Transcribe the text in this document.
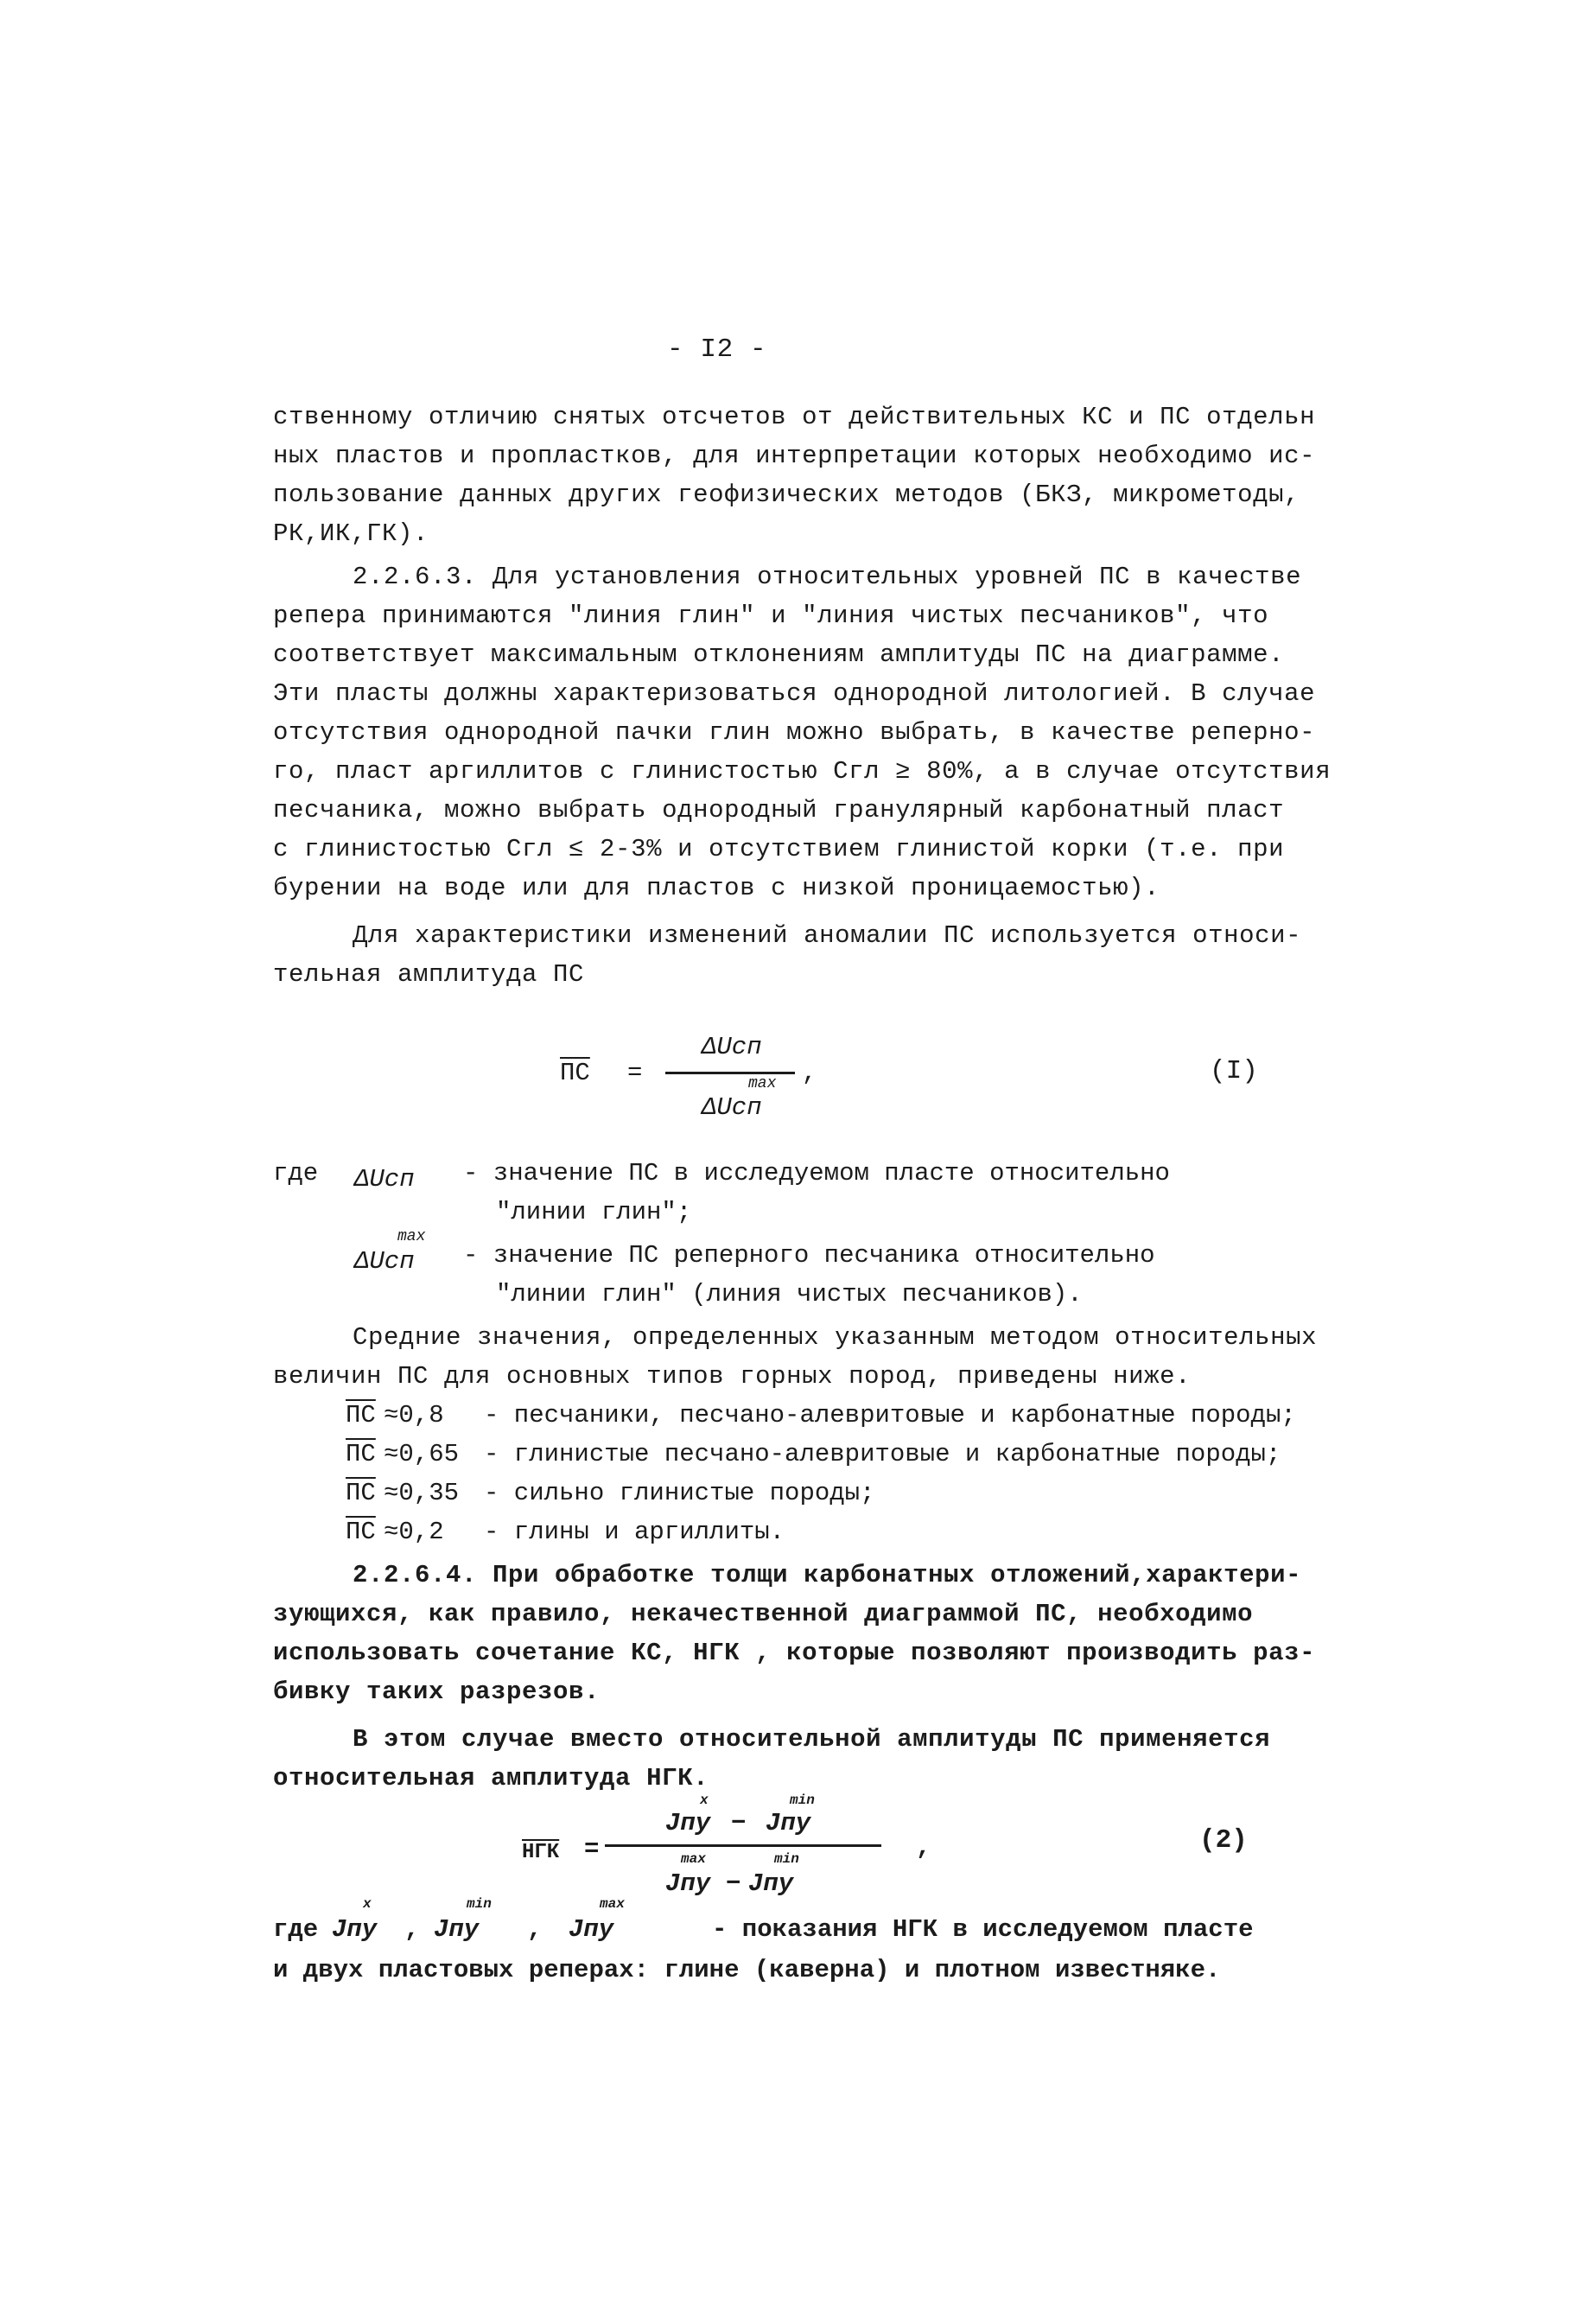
- I2 -
ственному отличию снятых отсчетов от действительных КС и ПС отдельн
ных пластов и пропластков, для интерпретации которых необходимо ис-
пользование данных других геофизических методов (БКЗ, микрометоды,
РК,ИК,ГК).
2.2.6.3. Для установления относительных уровней ПС в качестве
репера принимаются "линия глин" и "линия чистых песчаников", что
соответствует максимальным отклонениям амплитуды ПС на диаграмме.
Эти пласты должны характеризоваться однородной литологией. В случае
отсутствия однородной пачки глин можно выбрать, в качестве реперно-
го, пласт аргиллитов с глинистостью Сгл ≥ 80%, а в случае отсутствия
песчаника, можно выбрать однородный гранулярный карбонатный пласт
с глинистостью Сгл ≤ 2-3% и отсутствием глинистой корки (т.е. при
бурении на воде или для пластов с низкой проницаемостью).
Для характеристики изменений аномалии ПС используется относи-
тельная амплитуда ПС
ПС =
ΔUсп
ΔUсп
max ,	(I)
где ΔUсп - значение ПС в исследуемом пласте относительно
"линии глин";
ΔUсп
max
- значение ПС реперного песчаника относительно
"линии глин" (линия чистых песчаников).
Средние значения, определенных указанным методом относительных
величин ПС для основных типов горных пород, приведены ниже.
ПС ≈0,8 - песчаники, песчано-алевритовые и карбонатные породы;
ПС ≈0,65 - глинистые песчано-алевритовые и карбонатные породы;
ПС ≈0,35 - сильно глинистые породы;
ПС ≈0,2 - глины и аргиллиты.
2.2.6.4. При обработке толщи карбонатных отложений,характери-
зующихся, как правило, некачественной диаграммой ПС, необходимо
использовать сочетание КС, НГК , которые позволяют производить раз-
бивку таких разрезов.
В этом случае вместо относительной амплитуды ПС применяется
относительная амплитуда НГК.
НГК =
Jпу
x
− Jпу
min
Jпу
max
− Jпу
min	,	(2)
где Jпу
x
, Jпу
min
, Jпу
max
- показания НГК в исследуемом пласте
и двух пластовых реперах: глине (каверна) и плотном известняке.
